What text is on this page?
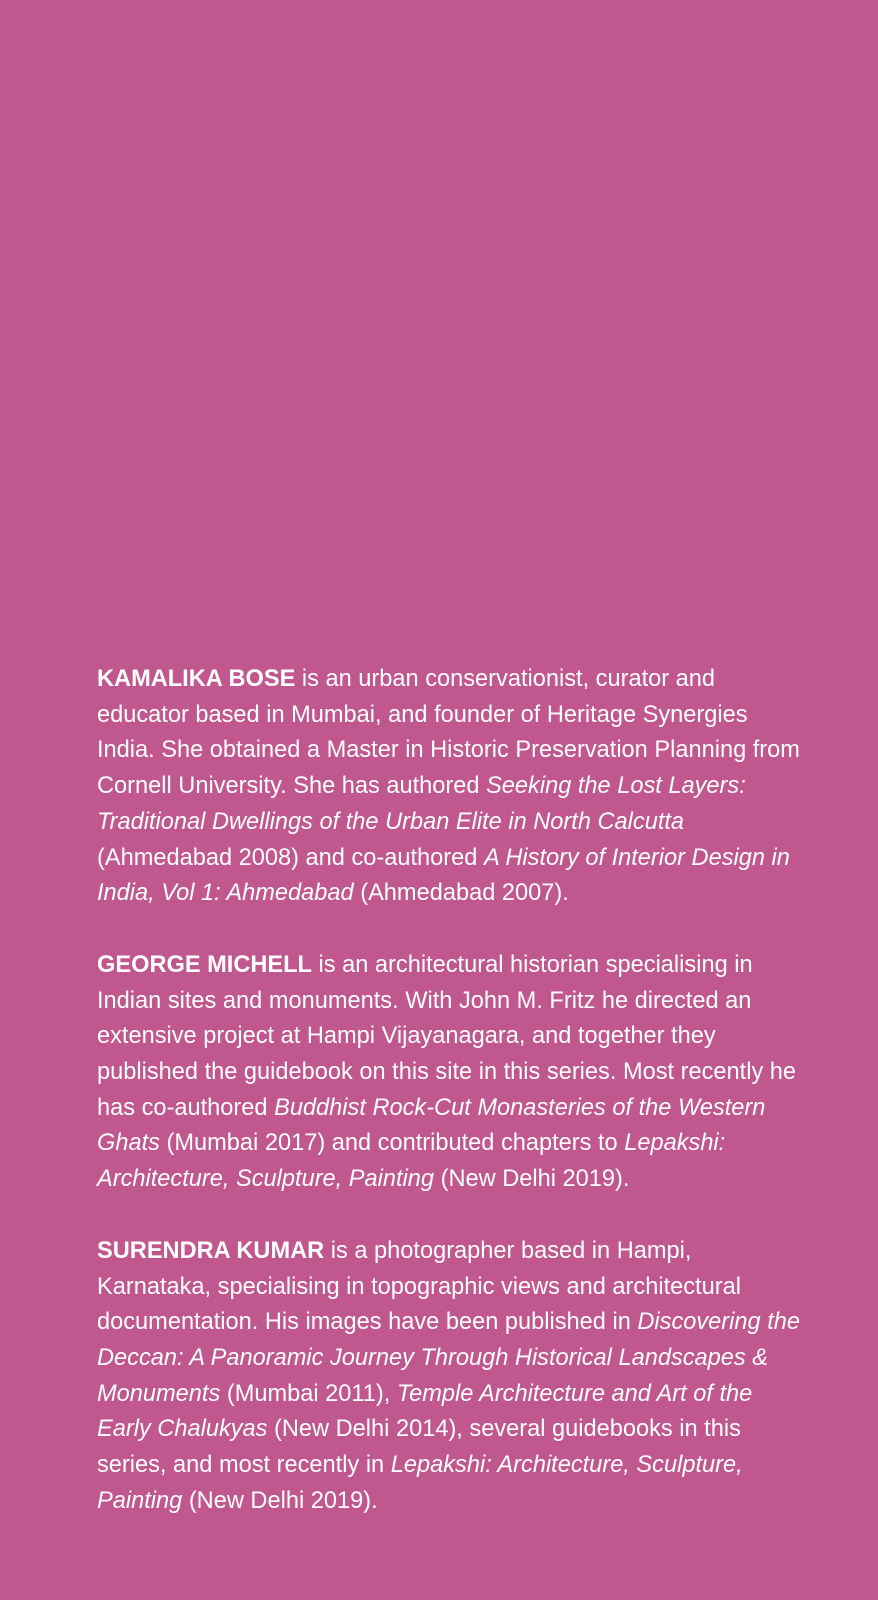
KAMALIKA BOSE is an urban conservationist, curator and educator based in Mumbai, and founder of Heritage Synergies India. She obtained a Master in Historic Preservation Planning from Cornell University. She has authored Seeking the Lost Layers: Traditional Dwellings of the Urban Elite in North Calcutta (Ahmedabad 2008) and co-authored A History of Interior Design in India, Vol 1: Ahmedabad (Ahmedabad 2007).

GEORGE MICHELL is an architectural historian specialising in Indian sites and monuments. With John M. Fritz he directed an extensive project at Hampi Vijayanagara, and together they published the guidebook on this site in this series. Most recently he has co-authored Buddhist Rock-Cut Monasteries of the Western Ghats (Mumbai 2017) and contributed chapters to Lepakshi: Architecture, Sculpture, Painting (New Delhi 2019).

SURENDRA KUMAR is a photographer based in Hampi, Karnataka, specialising in topographic views and architectural documentation. His images have been published in Discovering the Deccan: A Panoramic Journey Through Historical Landscapes & Monuments (Mumbai 2011), Temple Architecture and Art of the Early Chalukyas (New Delhi 2014), several guidebooks in this series, and most recently in Lepakshi: Architecture, Sculpture, Painting (New Delhi 2019).
